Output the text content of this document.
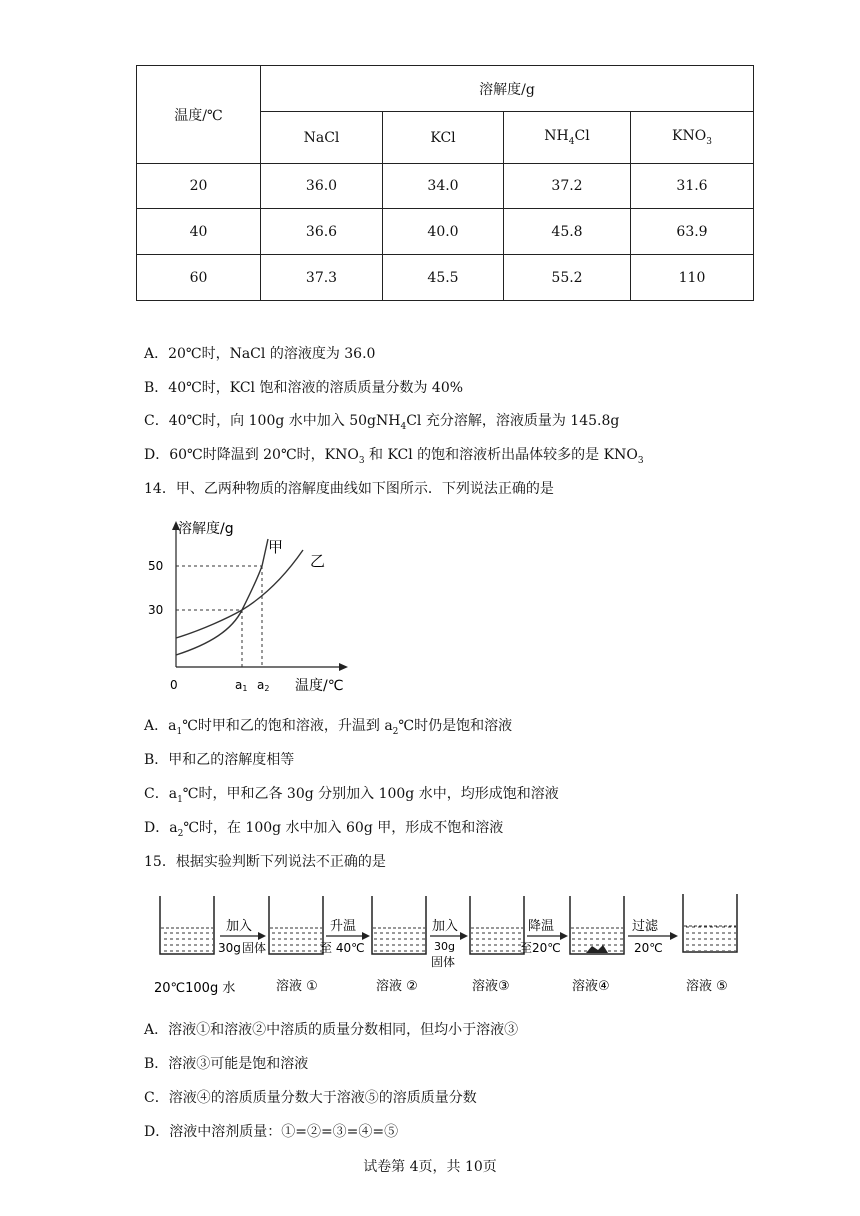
温度/℃	溶解度/g			
	NaCl	KCl	$NH_4Cl$	$KNO_3$
20	36.0	34.0	37.2	31.6
40	36.6	40.0	45.8	63.9
60	37.3	45.5	55.2	110
A．20℃时，NaCl 的溶液度为 36.0
B．40℃时，KCl 饱和溶液的溶质质量分数为 40%
C．40℃时，向 100g 水中加入 50gNH$_4$Cl 充分溶解，溶液质量为 145.8g
D．60℃时降温到 20℃时，$KNO_3$ 和 KCl 的饱和溶液析出晶体较多的是 $KNO_3$
14．甲、乙两种物质的溶解度曲线如下图所示．下列说法正确的是
溶解度/g
温度/℃
0
50
30
a1 a2
甲
乙
A．$a_1℃$时甲和乙的饱和溶液，升温到 $a_2℃$时仍是饱和溶液
B．甲和乙的溶解度相等
C．$a_1℃$时，甲和乙各 30g 分别加入 100g 水中，均形成饱和溶液
D．$a_2℃$时，在 100g 水中加入 60g 甲，形成不饱和溶液
15．根据实验判断下列说法不正确的是
加入
30g 固体
升温
至 40℃
加入
30g
固体
降温
至20℃
过滤
20℃
20℃100g 水	溶液 ①	溶液 ②	溶液③	溶液④	溶液 ⑤
A．溶液①和溶液②中溶质的质量分数相同，但均小于溶液③
B．溶液③可能是饱和溶液
C．溶液④的溶质质量分数大于溶液⑤的溶质质量分数
D．溶液中溶剂质量：①=②=③=④=⑤
试卷第 4页，共 10页
